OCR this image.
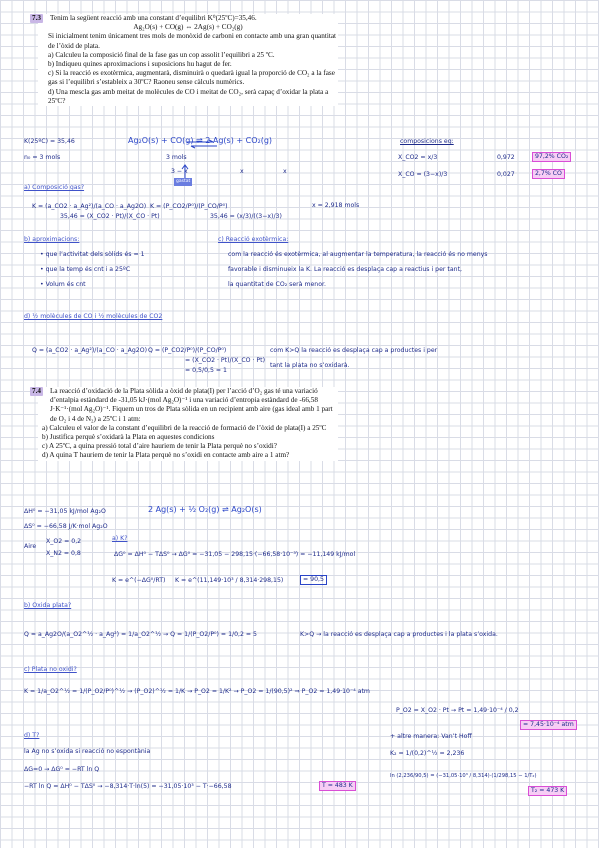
7.3	Tenim la següent reacció amb una constant d’equilibri K⁰(25ºC)=35,46.

Ag₂O(s) + CO(g) ⇔ 2Ag(s) + CO₂(g)

Si inicialment tenim únicament tres mols de monòxid de carboni en contacte amb una gran quantitat de l’òxid de plata.

a) Calculeu la composició final de la fase gas un cop assolit l’equilibri a 25 ºC.

b) Indiqueu quines aproximacions i suposicions hu hagut de fer.

c) Si la reacció es exotèrmica, augmentarà, disminuirà o quedarà igual la proporció de CO₂ a la fase gas si l’equilibri s’estableix a 30ºC? Raoneu sense càlculs numèrics.

d) Una mescla gas amb meitat de molècules de CO i meitat de CO₂, serà capaç d’oxidar la plata a 25ºC?

K(25ºC) = 35,46
n₀ = 3 mols
Ag₂O(s) + CO(g) ⇌ 2 Ag(s) + CO₂(g)
3 mols
3 − x
gastat
x	x
composicions eq:
X_CO2 = x/3	0,972	97,2% CO₂
X_CO = (3−x)/3	0,027	2,7% CO
a) Composició gas?
K = (a_CO2 · a_Ag²)/(a_CO · a_Ag2O) K = (P_CO2/P⁰)/(P_CO/P⁰)
35,46 = (X_CO2 · Pt)/(X_CO · Pt)	35,46 = (x/3)/((3−x)/3)
x = 2,918 mols
b) aproximacions:
• que l’activitat dels sòlids és = 1
• que la temp és cnt i a 25ºC
• Volum és cnt
c) Reacció exotèrmica:
com la reacció és exotèrmica, al augmentar la temperatura, la reacció és no menys
favorable i disminueix la K. La reacció es desplaça cap a reactius i per tant,
la quantitat de CO₂ serà menor.
d) ½ molècules de CO i ½ molècules de CO2
Q = (a_CO2 · a_Ag²)/(a_CO · a_Ag2O) Q = (P_CO2/P⁰)/(P_CO/P⁰)
= (X_CO2 · Pt)/(X_CO · Pt)
= 0,5/0,5 = 1
com K>Q la reacció es desplaça cap a productes i per
tant la plata no s’oxidarà.
7.4	La reacció d’oxidació de la Plata sòlida a òxid de plata(I) per l’acció d’O₂ gas té una variació d’entalpia estàndard de -31,05 kJ·(mol Ag₂O)⁻¹ i una variació d’entropia estàndard de -66,58 J·K⁻¹·(mol Ag₂O)⁻¹. Fiquem un tros de Plata sòlida en un recipient amb aire (gas ideal amb 1 part de O₂ i 4 de N₂) a 25ºC i 1 atm:

a) Calculeu el valor de la constant d’equilibri de la reacció de formació de l’òxid de plata(I) a 25ºC

b) Justifica perquè s’oxidarà la Plata en aquestes condicions

c) A 25ºC, a quina pressió total d’aire hauriem de tenir la Plata perquè no s’oxidi?

d) A quina T hauriem de tenir la Plata perquè no s’oxidi en contacte amb aire a 1 atm?

ΔH⁰ = −31,05 kJ/mol Ag₂O
ΔS⁰ = −66,58 J/K·mol Ag₂O
Aire
X_O2 = 0,2
X_N2 = 0,8
2 Ag(s) + ½ O₂(g) ⇌ Ag₂O(s)
a) K?
ΔG⁰ = ΔH⁰ − TΔS⁰ → ΔG⁰ = −31,05 − 298,15·(−66,58·10⁻³) = −11,149 kJ/mol
K = e^(−ΔG⁰/RT) K = e^(11,149·10³ / 8,314·298,15)	= 90,5
b) Oxida plata?
Q = a_Ag2O/(a_O2^½ · a_Ag²) = 1/a_O2^½ → Q = 1/(P_O2/P⁰) = 1/0,2 = 5	K>Q → la reacció es desplaça cap a productes i la plata s’oxida.
c) Plata no oxidi?
K = 1/a_O2^½ = 1/(P_O2/P⁰)^½ → (P_O2)^½ = 1/K → P_O2 = 1/K² → P_O2 = 1/(90,5)² ⇒ P_O2 = 1,49·10⁻⁴ atm
P_O2 = X_O2 · Pt → Pt = 1,49·10⁻⁴ / 0,2
= 7,45·10⁻⁴ atm
d) T?
la Ag no s’oxida si reacció no espontània
ΔG=0 → ΔG⁰ = −RT ln Q
−RT ln Q = ΔH⁰ − TΔS⁰ → −8,314·T·ln(5) = −31,05·10³ − T·−66,58	T = 483 K
+ altre manera: Van’t Hoff
K₂ = 1/(0,2)^½ = 2,236
ln (2,236/90,5) = (−31,05·10³ / 8,314)·(1/298,15 − 1/T₂)
T₂ = 473 K
